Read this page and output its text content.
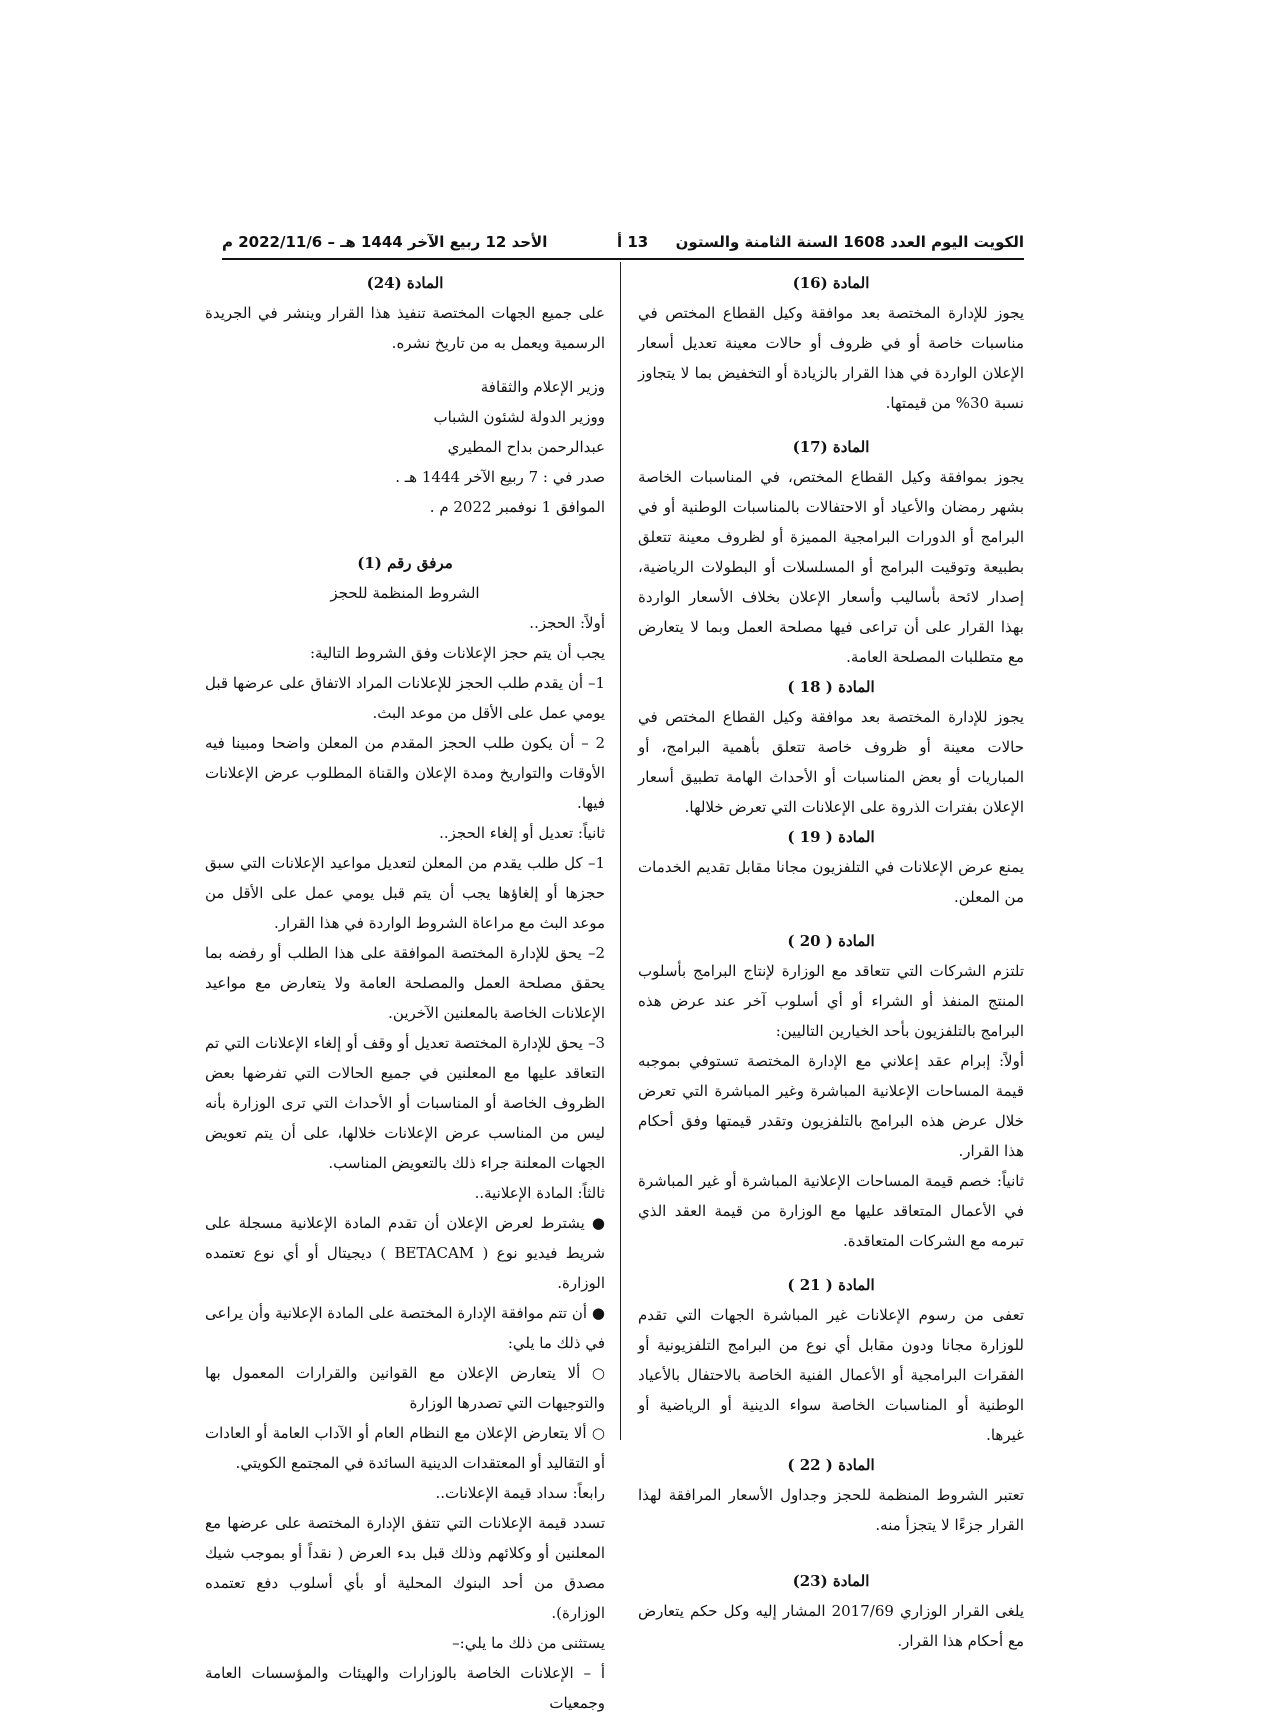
الكويت اليوم العدد 1608 السنة الثامنة والستون
13 أ
الأحد 12 ربيع الآخر 1444 هـ – 2022/11/6 م

المادة (16)

يجوز للإدارة المختصة بعد موافقة وكيل القطاع المختص في مناسبات خاصة أو في ظروف أو حالات معينة تعديل أسعار الإعلان الواردة في هذا القرار بالزيادة أو التخفيض بما لا يتجاوز نسبة 30% من قيمتها.

المادة (17)

يجوز بموافقة وكيل القطاع المختص، في المناسبات الخاصة بشهر رمضان والأعياد أو الاحتفالات بالمناسبات الوطنية أو في البرامج أو الدورات البرامجية المميزة أو لظروف معينة تتعلق بطبيعة وتوقيت البرامج أو المسلسلات أو البطولات الرياضية، إصدار لائحة بأساليب وأسعار الإعلان بخلاف الأسعار الواردة بهذا القرار على أن تراعى فيها مصلحة العمل وبما لا يتعارض مع متطلبات المصلحة العامة.

المادة ( 18 )

يجوز للإدارة المختصة بعد موافقة وكيل القطاع المختص في حالات معينة أو ظروف خاصة تتعلق بأهمية البرامج، أو المباريات أو بعض المناسبات أو الأحداث الهامة تطبيق أسعار الإعلان بفترات الذروة على الإعلانات التي تعرض خلالها.

المادة ( 19 )

يمنع عرض الإعلانات في التلفزيون مجانا مقابل تقديم الخدمات من المعلن.

المادة ( 20 )

تلتزم الشركات التي تتعاقد مع الوزارة لإنتاج البرامج بأسلوب المنتج المنفذ أو الشراء أو أي أسلوب آخر عند عرض هذه البرامج بالتلفزيون بأحد الخيارين التاليين:

أولاً: إبرام عقد إعلاني مع الإدارة المختصة تستوفي بموجبه قيمة المساحات الإعلانية المباشرة وغير المباشرة التي تعرض خلال عرض هذه البرامج بالتلفزيون وتقدر قيمتها وفق أحكام هذا القرار.

ثانياً: خصم قيمة المساحات الإعلانية المباشرة أو غير المباشرة في الأعمال المتعاقد عليها مع الوزارة من قيمة العقد الذي تبرمه مع الشركات المتعاقدة.

المادة ( 21 )

تعفى من رسوم الإعلانات غير المباشرة الجهات التي تقدم للوزارة مجانا ودون مقابل أي نوع من البرامج التلفزيونية أو الفقرات البرامجية أو الأعمال الفنية الخاصة بالاحتفال بالأعياد الوطنية أو المناسبات الخاصة سواء الدينية أو الرياضية أو غيرها.

المادة ( 22 )

تعتبر الشروط المنظمة للحجز وجداول الأسعار المرافقة لهذا القرار جزءًا لا يتجزأ منه.

المادة (23)

يلغى القرار الوزاري 2017/69 المشار إليه وكل حكم يتعارض مع أحكام هذا القرار.

المادة (24)

على جميع الجهات المختصة تنفيذ هذا القرار وينشر في الجريدة الرسمية ويعمل به من تاريخ نشره.

وزير الإعلام والثقافة

ووزير الدولة لشئون الشباب

عبدالرحمن بداح المطيري

صدر في : 7 ربيع الآخر 1444 هـ .

الموافق 1 نوفمبر 2022 م .

مرفق رقم (1)

الشروط المنظمة للحجز

أولاً: الحجز..

يجب أن يتم حجز الإعلانات وفق الشروط التالية:

1– أن يقدم طلب الحجز للإعلانات المراد الاتفاق على عرضها قبل يومي عمل على الأقل من موعد البث.

2 – أن يكون طلب الحجز المقدم من المعلن واضحا ومبينا فيه الأوقات والتواريخ ومدة الإعلان والقناة المطلوب عرض الإعلانات فيها.

ثانياً: تعديل أو إلغاء الحجز..

1– كل طلب يقدم من المعلن لتعديل مواعيد الإعلانات التي سبق حجزها أو إلغاؤها يجب أن يتم قبل يومي عمل على الأقل من موعد البث مع مراعاة الشروط الواردة في هذا القرار.

2– يحق للإدارة المختصة الموافقة على هذا الطلب أو رفضه بما يحقق مصلحة العمل والمصلحة العامة ولا يتعارض مع مواعيد الإعلانات الخاصة بالمعلنين الآخرين.

3– يحق للإدارة المختصة تعديل أو وقف أو إلغاء الإعلانات التي تم التعاقد عليها مع المعلنين في جميع الحالات التي تفرضها بعض الظروف الخاصة أو المناسبات أو الأحداث التي ترى الوزارة بأنه ليس من المناسب عرض الإعلانات خلالها، على أن يتم تعويض الجهات المعلنة جراء ذلك بالتعويض المناسب.

ثالثاً: المادة الإعلانية..

● يشترط لعرض الإعلان أن تقدم المادة الإعلانية مسجلة على شريط فيديو نوع ( BETACAM ) ديجيتال أو أي نوع تعتمده الوزارة.

● أن تتم موافقة الإدارة المختصة على المادة الإعلانية وأن يراعى في ذلك ما يلي:

○ ألا يتعارض الإعلان مع القوانين والقرارات المعمول بها والتوجيهات التي تصدرها الوزارة

○ ألا يتعارض الإعلان مع النظام العام أو الآداب العامة أو العادات أو التقاليد أو المعتقدات الدينية السائدة في المجتمع الكويتي.

رابعاً: سداد قيمة الإعلانات..

تسدد قيمة الإعلانات التي تتفق الإدارة المختصة على عرضها مع المعلنين أو وكلائهم وذلك قبل بدء العرض ( نقداً أو بموجب شيك مصدق من أحد البنوك المحلية أو بأي أسلوب دفع تعتمده الوزارة).

يستثنى من ذلك ما يلي:–

أ – الإعلانات الخاصة بالوزارات والهيئات والمؤسسات العامة وجمعيات
